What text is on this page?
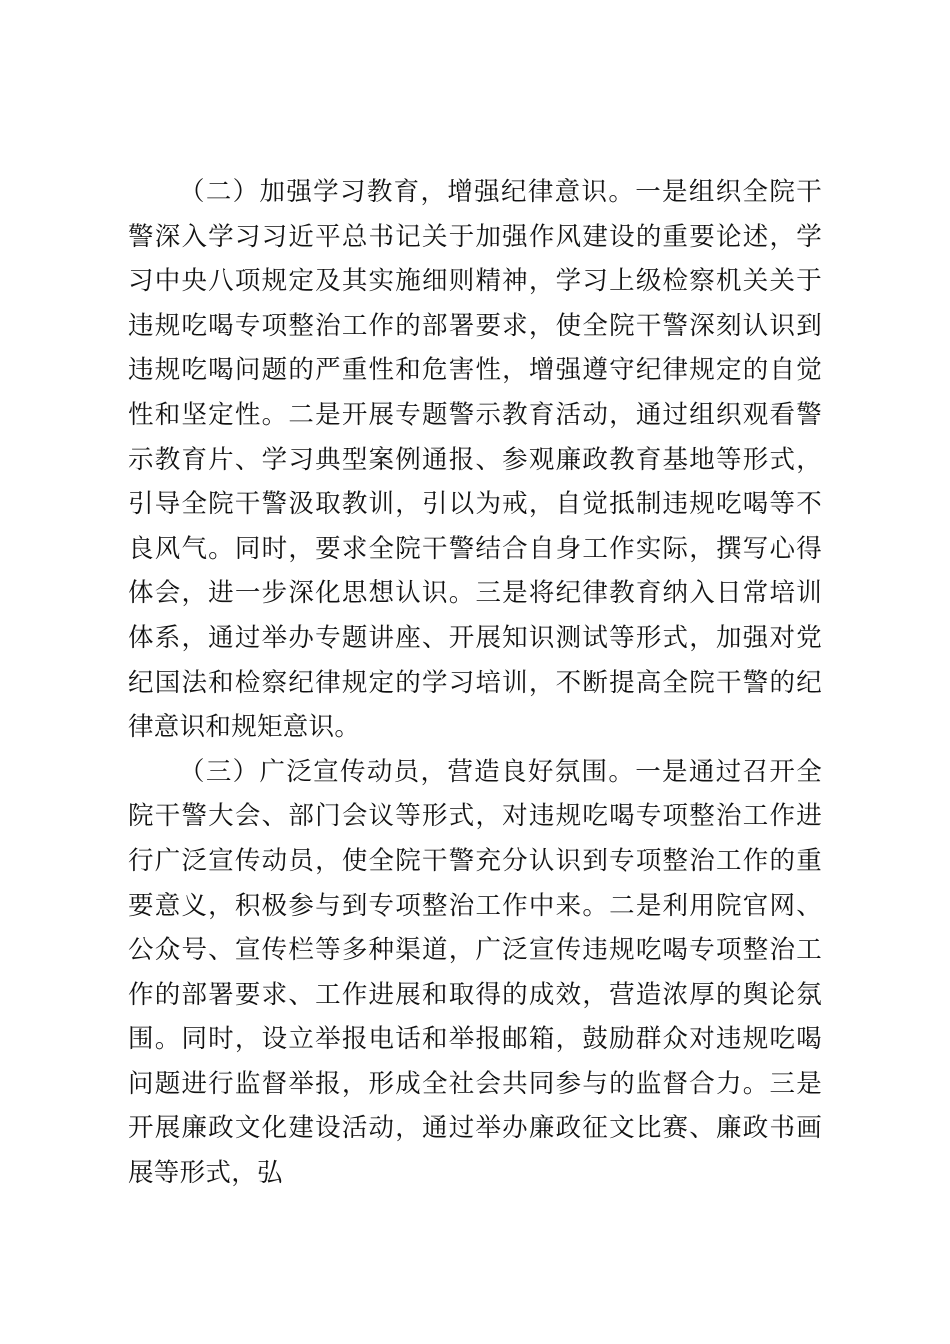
（二）加强学习教育，增强纪律意识。一是组织全院干警深入学习习近平总书记关于加强作风建设的重要论述，学习中央八项规定及其实施细则精神，学习上级检察机关关于违规吃喝专项整治工作的部署要求，使全院干警深刻认识到违规吃喝问题的严重性和危害性，增强遵守纪律规定的自觉性和坚定性。二是开展专题警示教育活动，通过组织观看警示教育片、学习典型案例通报、参观廉政教育基地等形式，引导全院干警汲取教训，引以为戒，自觉抵制违规吃喝等不良风气。同时，要求全院干警结合自身工作实际，撰写心得体会，进一步深化思想认识。三是将纪律教育纳入日常培训体系，通过举办专题讲座、开展知识测试等形式，加强对党纪国法和检察纪律规定的学习培训，不断提高全院干警的纪律意识和规矩意识。

（三）广泛宣传动员，营造良好氛围。一是通过召开全院干警大会、部门会议等形式，对违规吃喝专项整治工作进行广泛宣传动员，使全院干警充分认识到专项整治工作的重要意义，积极参与到专项整治工作中来。二是利用院官网、公众号、宣传栏等多种渠道，广泛宣传违规吃喝专项整治工作的部署要求、工作进展和取得的成效，营造浓厚的舆论氛围。同时，设立举报电话和举报邮箱，鼓励群众对违规吃喝问题进行监督举报，形成全社会共同参与的监督合力。三是开展廉政文化建设活动，通过举办廉政征文比赛、廉政书画展等形式，弘
